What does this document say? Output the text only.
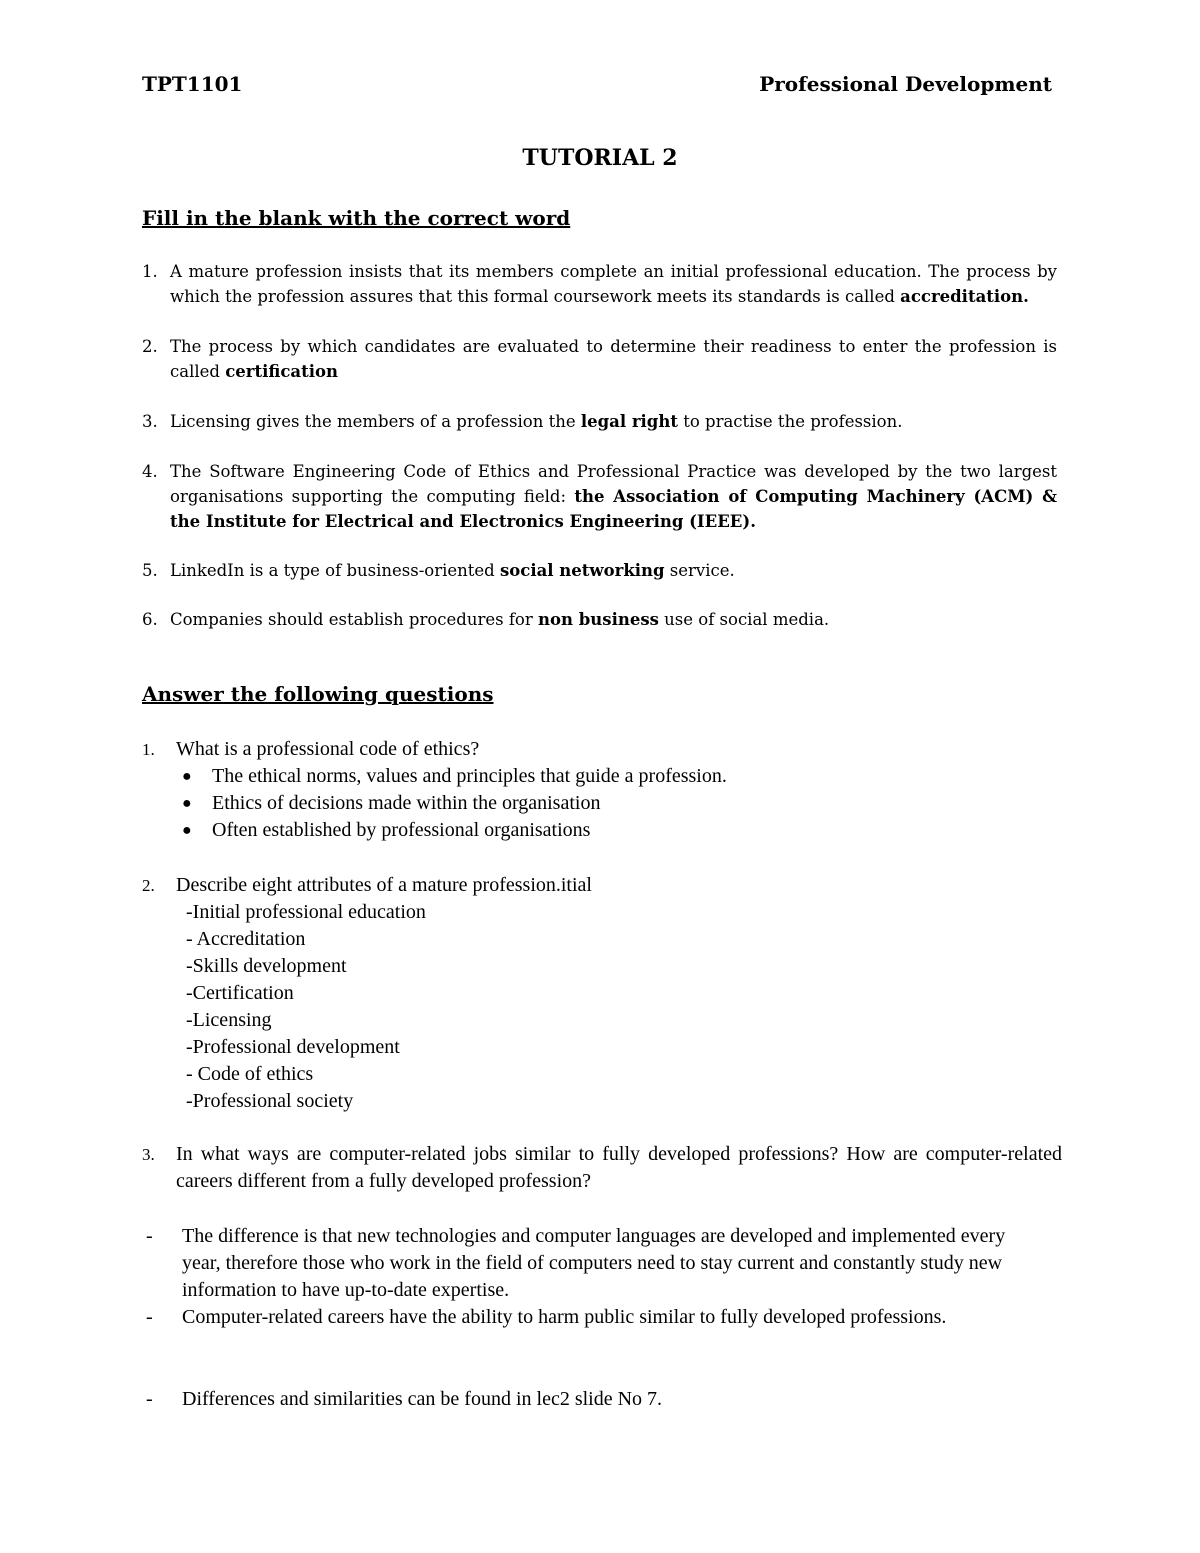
TPT1101	Professional Development
TUTORIAL 2
Fill in the blank with the correct word
1. A mature profession insists that its members complete an initial professional education. The process by which the profession assures that this formal coursework meets its standards is called accreditation.
2. The process by which candidates are evaluated to determine their readiness to enter the profession is called certification
3. Licensing gives the members of a profession the legal right to practise the profession.
4. The Software Engineering Code of Ethics and Professional Practice was developed by the two largest organisations supporting the computing field: the Association of Computing Machinery (ACM) & the Institute for Electrical and Electronics Engineering (IEEE).
5. LinkedIn is a type of business-oriented social networking service.
6. Companies should establish procedures for non business use of social media.
Answer the following questions
1.	What is a professional code of ethics?
● The ethical norms, values and principles that guide a profession.
● Ethics of decisions made within the organisation
● Often established by professional organisations
2.	Describe eight attributes of a mature profession.itial
-Initial professional education
- Accreditation
-Skills development
-Certification
-Licensing
-Professional development
- Code of ethics
-Professional society
3.	In what ways are computer-related jobs similar to fully developed professions? How are computer-related careers different from a fully developed profession?
- The difference is that new technologies and computer languages are developed and implemented every year, therefore those who work in the field of computers need to stay current and constantly study new information to have up-to-date expertise.
- Computer-related careers have the ability to harm public similar to fully developed professions.
- Differences and similarities can be found in lec2 slide No 7.
